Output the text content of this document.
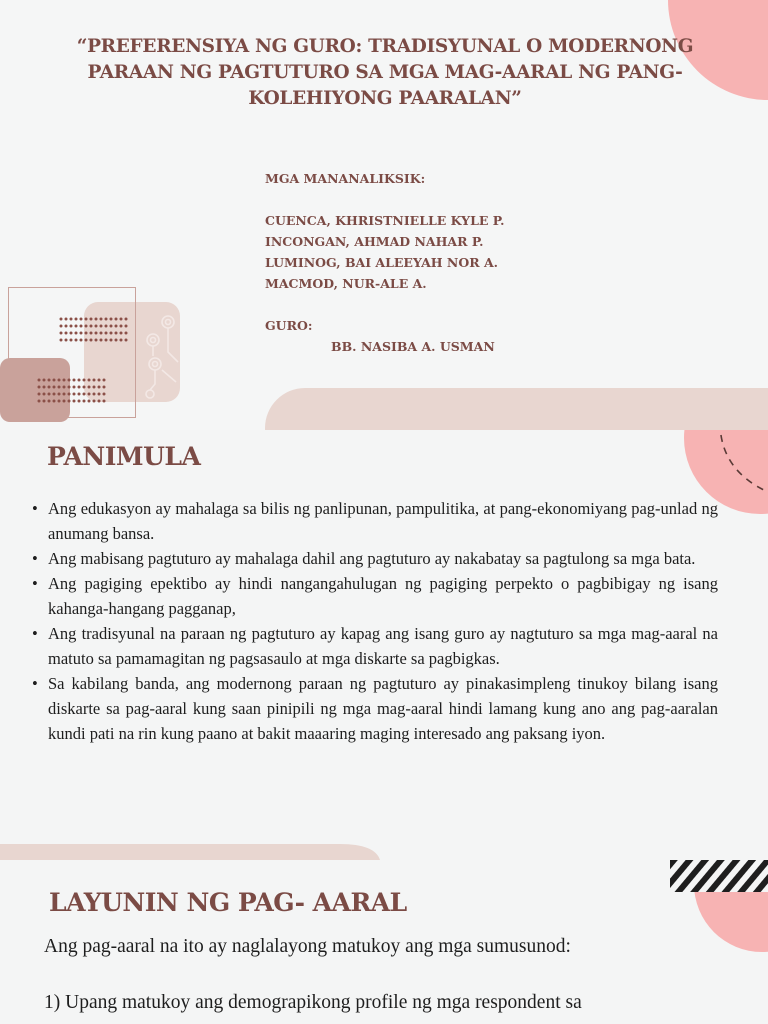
“PREFERENSIYA NG GURO: TRADISYUNAL O MODERNONG PARAAN NG PAGTUTURO SA MGA MAG-AARAL NG PANG-KOLEHIYONG PAARALAN”
MGA MANANALIKSIK:
CUENCA, KHRISTNIELLE KYLE P.
INCONGAN, AHMAD NAHAR P.
LUMINOG, BAI ALEEYAH NOR A.
MACMOD, NUR-ALE A.
GURO:
BB. NASIBA A. USMAN
PANIMULA
• Ang edukasyon ay mahalaga sa bilis ng panlipunan, pampulitika, at pang-ekonomiyang pag-unlad ng anumang bansa.
• Ang mabisang pagtuturo ay mahalaga dahil ang pagtuturo ay nakabatay sa pagtulong sa mga bata.
• Ang pagiging epektibo ay hindi nangangahulugan ng pagiging perpekto o pagbibigay ng isang kahanga-hangang pagganap,
• Ang tradisyunal na paraan ng pagtuturo ay kapag ang isang guro ay nagtuturo sa mga mag-aaral na matuto sa pamamagitan ng pagsasaulo at mga diskarte sa pagbigkas.
• Sa kabilang banda, ang modernong paraan ng pagtuturo ay pinakasimpleng tinukoy bilang isang diskarte sa pag-aaral kung saan pinipili ng mga mag-aaral hindi lamang kung ano ang pag-aaralan kundi pati na rin kung paano at bakit maaaring maging interesado ang paksang iyon.
LAYUNIN NG PAG- AARAL

Ang pag-aaral na ito ay naglalayong matukoy ang mga sumusunod:

1) Upang matukoy ang demograpikong profile ng mga respondent sa
